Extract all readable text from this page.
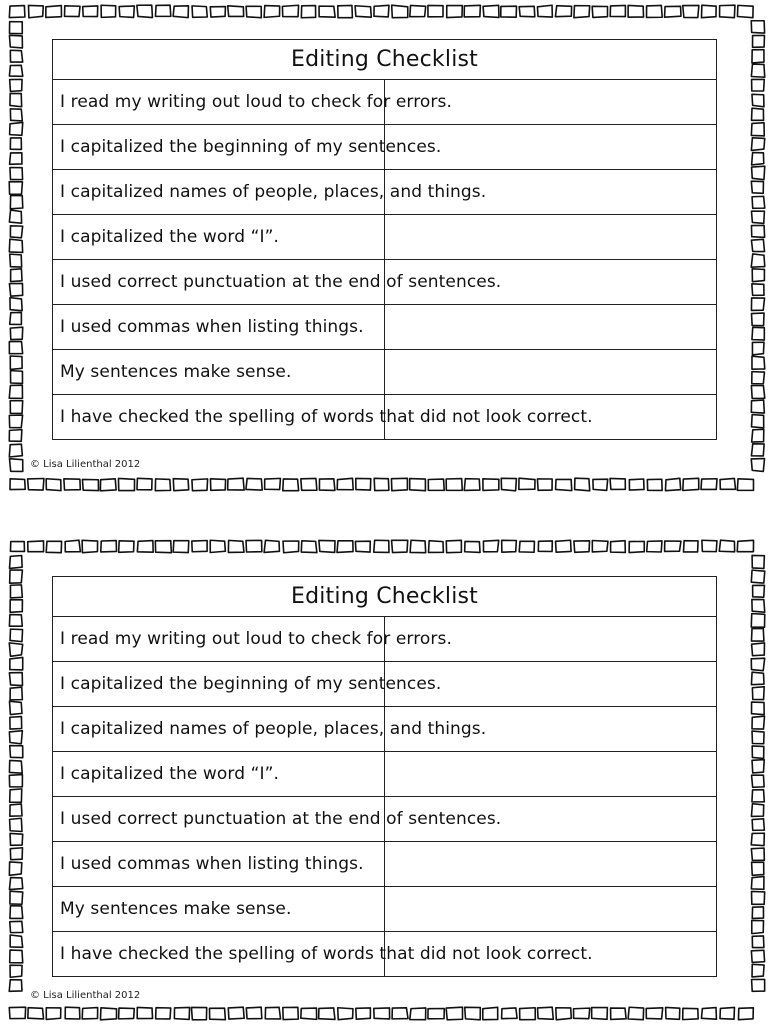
Editing Checklist	
I read my writing out loud to check for errors.	
I capitalized the beginning of my sentences.	
I capitalized names of people, places, and things.	
I capitalized the word “I”.	
I used correct punctuation at the end of sentences.	
I used commas when listing things.	
My sentences make sense.	
I have checked the spelling of words that did not look correct.	
© Lisa Lilienthal 2012
Editing Checklist	
I read my writing out loud to check for errors.	
I capitalized the beginning of my sentences.	
I capitalized names of people, places, and things.	
I capitalized the word “I”.	
I used correct punctuation at the end of sentences.	
I used commas when listing things.	
My sentences make sense.	
I have checked the spelling of words that did not look correct.	
© Lisa Lilienthal 2012
